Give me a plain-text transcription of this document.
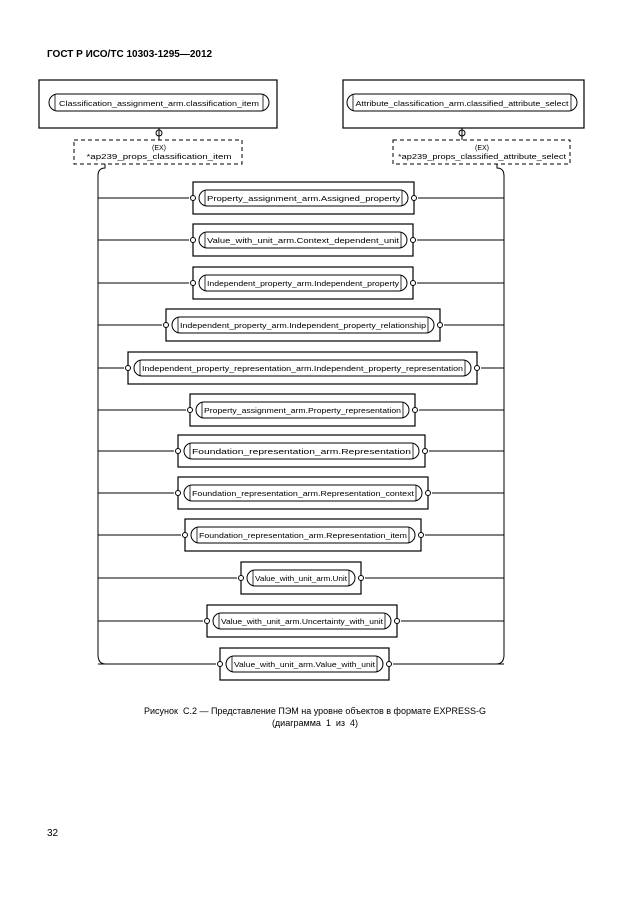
ГОСТ Р ИСО/ТС 10303-1295—2012
Classification_assignment_arm.classification_item	Attribute_classification_arm.classified_attribute_select
(EX)
*ap239_props_classification_item
(EX)
*ap239_props_classified_attribute_select
Property_assignment_arm.Assigned_property
Value_with_unit_arm.Context_dependent_unit
Independent_property_arm.Independent_property
Independent_property_arm.Independent_property_relationship
Independent_property_representation_arm.Independent_property_representation
Property_assignment_arm.Property_representation
Foundation_representation_arm.Representation
Foundation_representation_arm.Representation_context
Foundation_representation_arm.Representation_item
Value_with_unit_arm.Unit
Value_with_unit_arm.Uncertainty_with_unit
Value_with_unit_arm.Value_with_unit
Рисунок  С.2 — Представление ПЭМ на уровне объектов в формате EXPRESS-G
(диаграмма  1  из  4)
32
